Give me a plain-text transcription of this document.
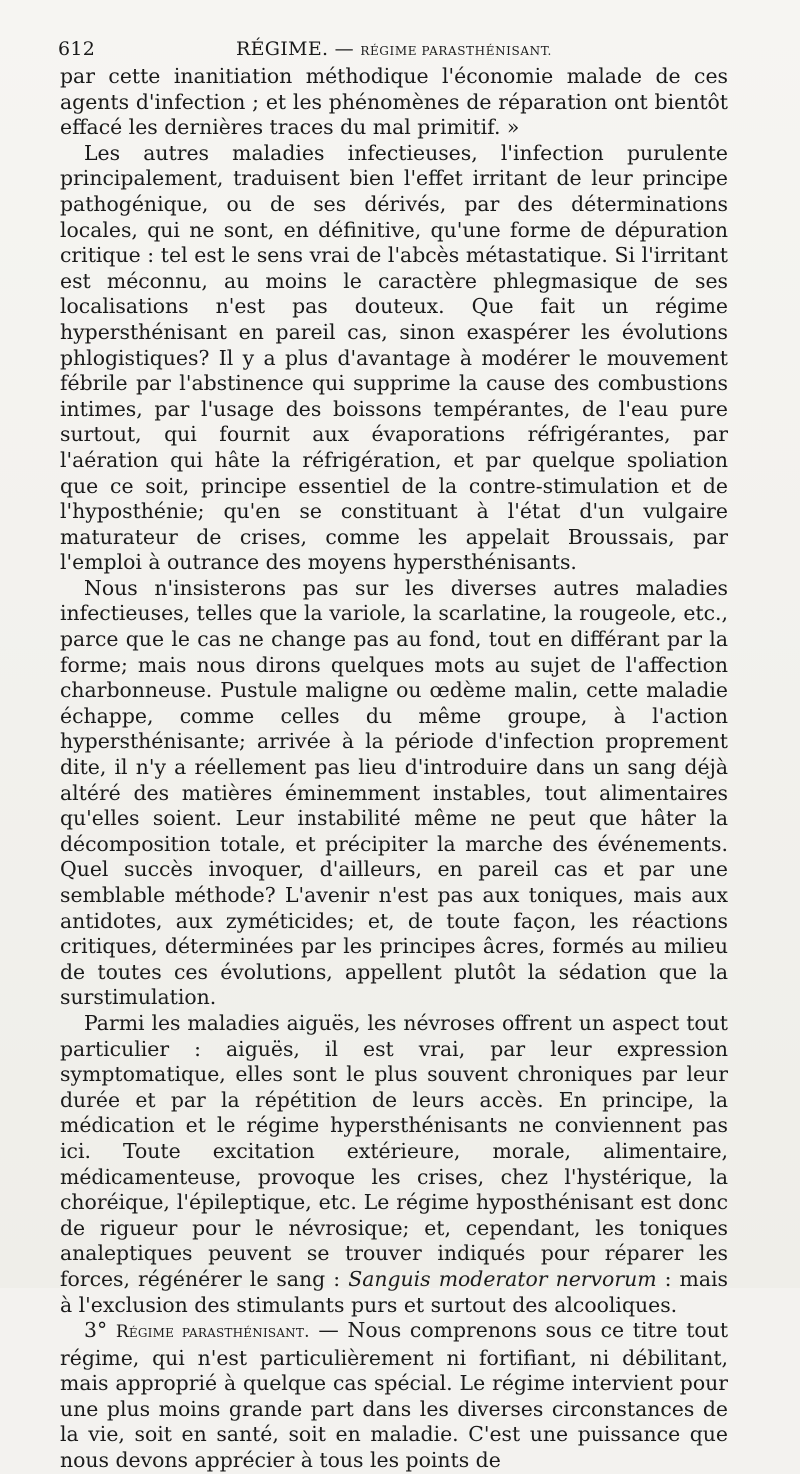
612	RÉGIME. — RÉGIME PARASTHÉNISANT.

par cette inanitiation méthodique l'économie malade de ces agents d'infection ; et les phénomènes de réparation ont bientôt effacé les dernières traces du mal primitif. »

Les autres maladies infectieuses, l'infection purulente principalement, traduisent bien l'effet irritant de leur principe pathogénique, ou de ses dérivés, par des déterminations locales, qui ne sont, en définitive, qu'une forme de dépuration critique : tel est le sens vrai de l'abcès métastatique. Si l'irritant est méconnu, au moins le caractère phlegmasique de ses localisations n'est pas douteux. Que fait un régime hypersthénisant en pareil cas, sinon exaspérer les évolutions phlogistiques? Il y a plus d'avantage à modérer le mouvement fébrile par l'abstinence qui supprime la cause des combustions intimes, par l'usage des boissons tempérantes, de l'eau pure surtout, qui fournit aux évaporations réfrigérantes, par l'aération qui hâte la réfrigération, et par quelque spoliation que ce soit, principe essentiel de la contre-stimulation et de l'hyposthénie; qu'en se constituant à l'état d'un vulgaire maturateur de crises, comme les appelait Broussais, par l'emploi à outrance des moyens hypersthénisants.

Nous n'insisterons pas sur les diverses autres maladies infectieuses, telles que la variole, la scarlatine, la rougeole, etc., parce que le cas ne change pas au fond, tout en différant par la forme; mais nous dirons quelques mots au sujet de l'affection charbonneuse. Pustule maligne ou œdème malin, cette maladie échappe, comme celles du même groupe, à l'action hypersthénisante; arrivée à la période d'infection proprement dite, il n'y a réellement pas lieu d'introduire dans un sang déjà altéré des matières éminemment instables, tout alimentaires qu'elles soient. Leur instabilité même ne peut que hâter la décomposition totale, et précipiter la marche des événements. Quel succès invoquer, d'ailleurs, en pareil cas et par une semblable méthode? L'avenir n'est pas aux toniques, mais aux antidotes, aux zyméticides; et, de toute façon, les réactions critiques, déterminées par les principes âcres, formés au milieu de toutes ces évolutions, appellent plutôt la sédation que la surstimulation.

Parmi les maladies aiguës, les névroses offrent un aspect tout particulier : aiguës, il est vrai, par leur expression symptomatique, elles sont le plus souvent chroniques par leur durée et par la répétition de leurs accès. En principe, la médication et le régime hypersthénisants ne conviennent pas ici. Toute excitation extérieure, morale, alimentaire, médicamenteuse, provoque les crises, chez l'hystérique, la choréique, l'épileptique, etc. Le régime hyposthénisant est donc de rigueur pour le névrosique; et, cependant, les toniques analeptiques peuvent se trouver indiqués pour réparer les forces, régénérer le sang : Sanguis moderator nervorum : mais à l'exclusion des stimulants purs et surtout des alcooliques.

3° Régime parasthénisant. — Nous comprenons sous ce titre tout régime, qui n'est particulièrement ni fortifiant, ni débilitant, mais approprié à quelque cas spécial. Le régime intervient pour une plus moins grande part dans les diverses circonstances de la vie, soit en santé, soit en maladie. C'est une puissance que nous devons apprécier à tous les points de
